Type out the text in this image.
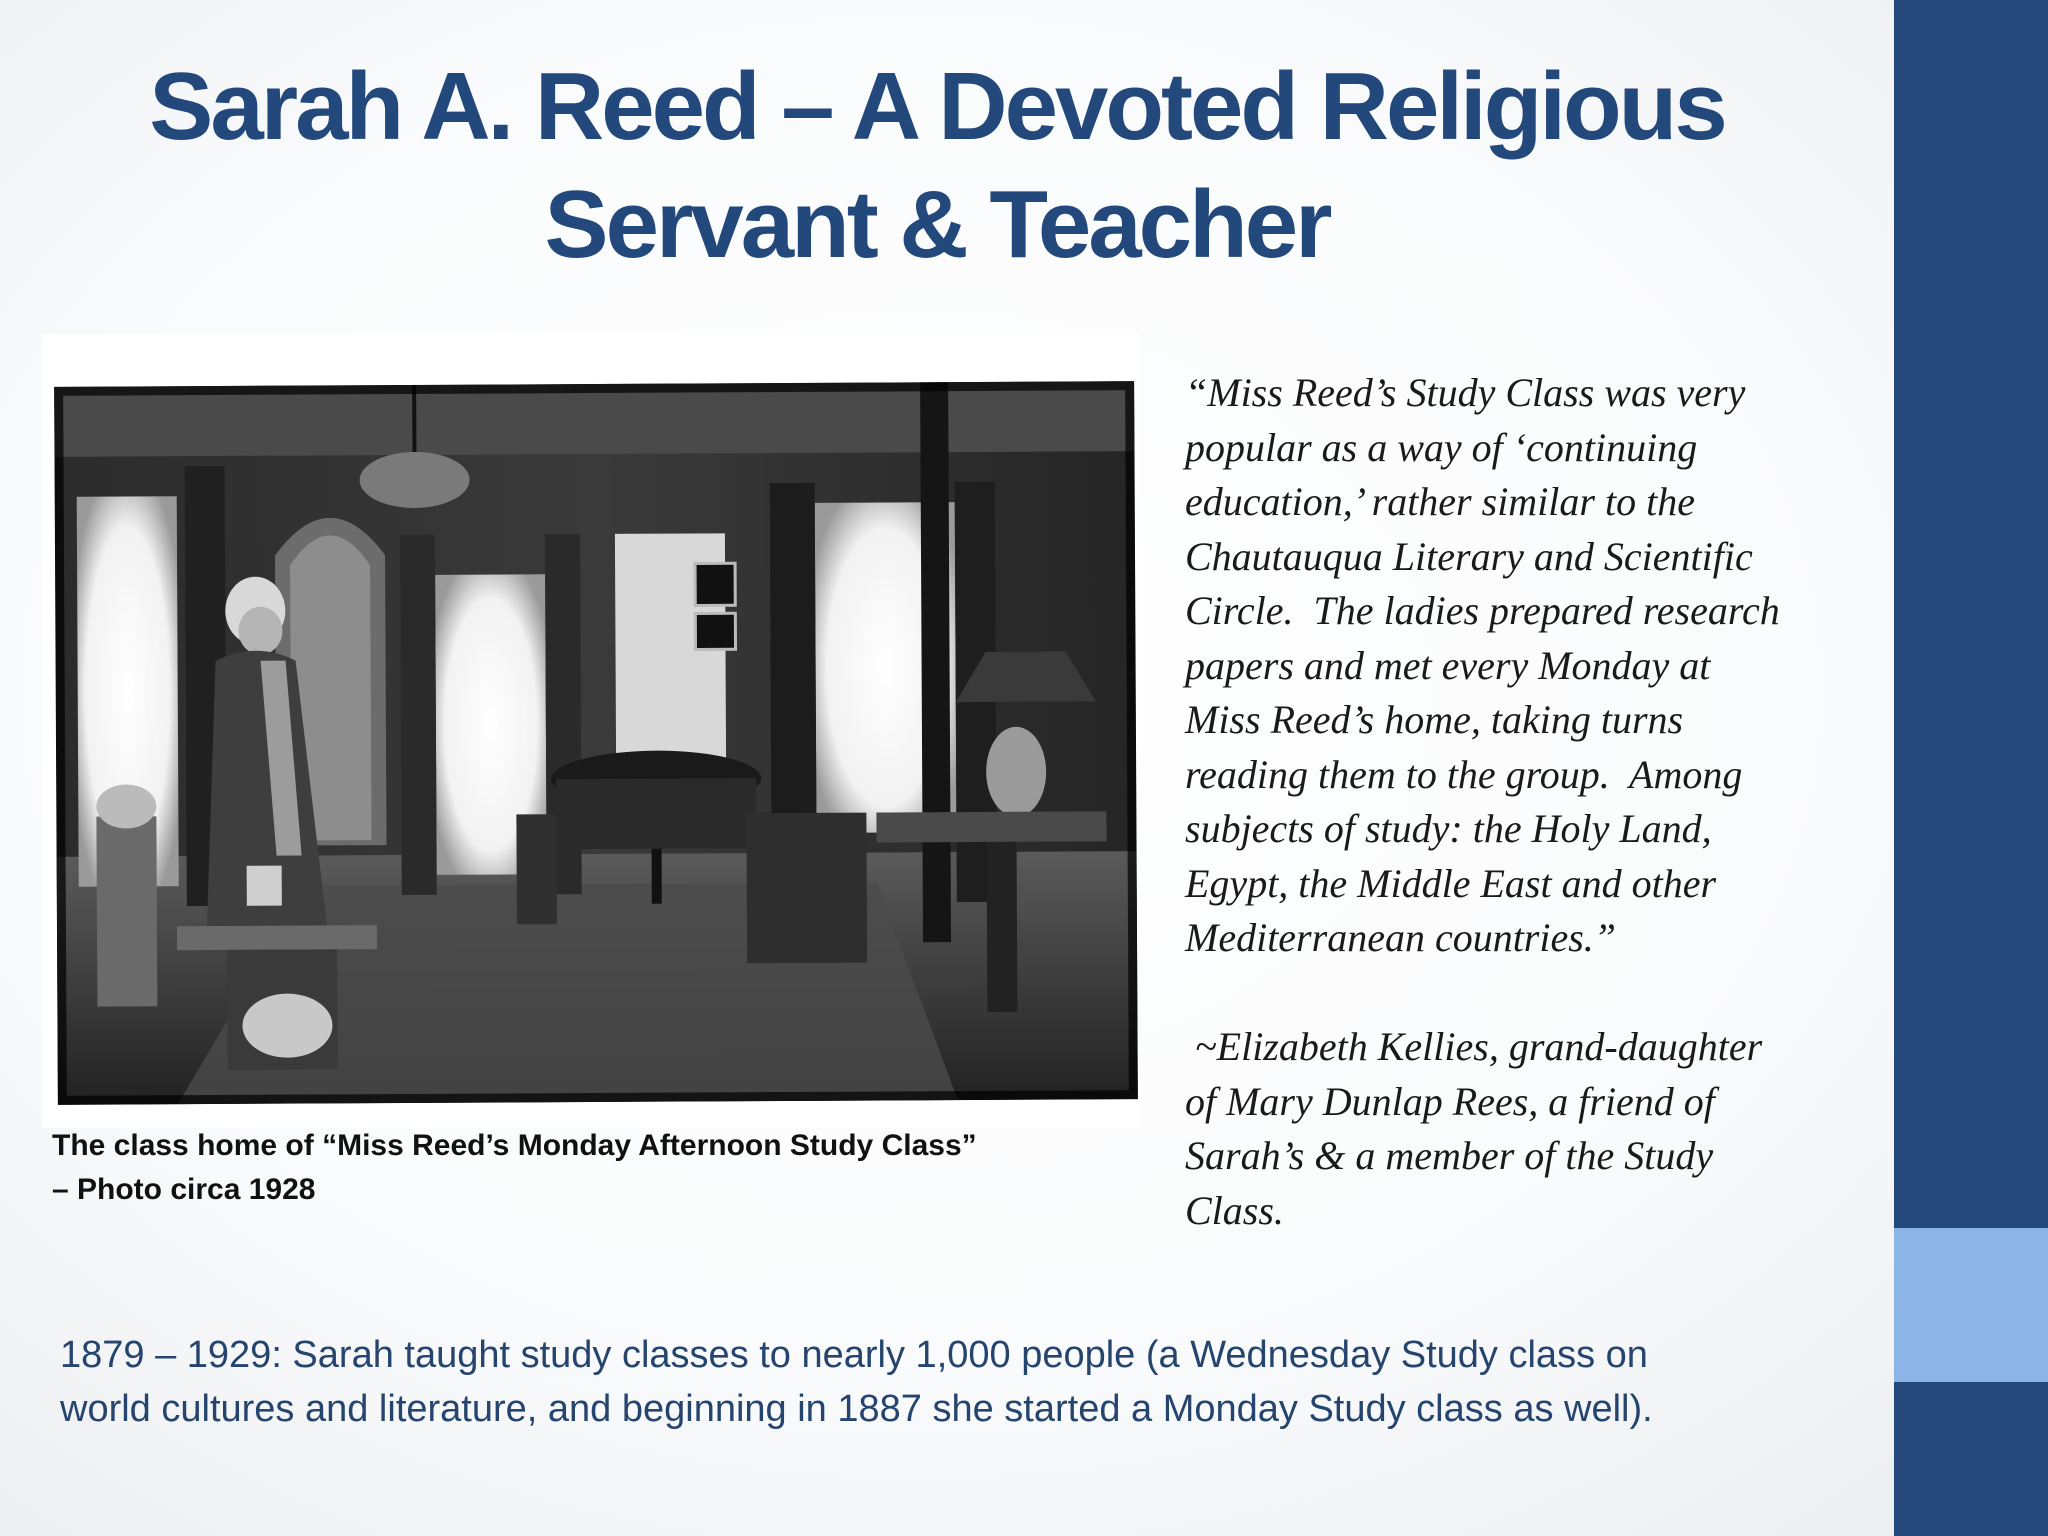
Sarah A. Reed – A Devoted Religious
Servant & Teacher
The class home of “Miss Reed’s Monday Afternoon Study Class”
– Photo circa 1928
“Miss Reed’s Study Class was very
popular as a way of ‘continuing
education,’ rather similar to the
Chautauqua Literary and Scientific
Circle.  The ladies prepared research
papers and met every Monday at
Miss Reed’s home, taking turns
reading them to the group.  Among
subjects of study: the Holy Land,
Egypt, the Middle East and other
Mediterranean countries.”
~Elizabeth Kellies, grand-daughter
of Mary Dunlap Rees, a friend of
Sarah’s & a member of the Study
Class.
1879 – 1929: Sarah taught study classes to nearly 1,000 people (a Wednesday Study class on
world cultures and literature, and beginning in 1887 she started a Monday Study class as well).
